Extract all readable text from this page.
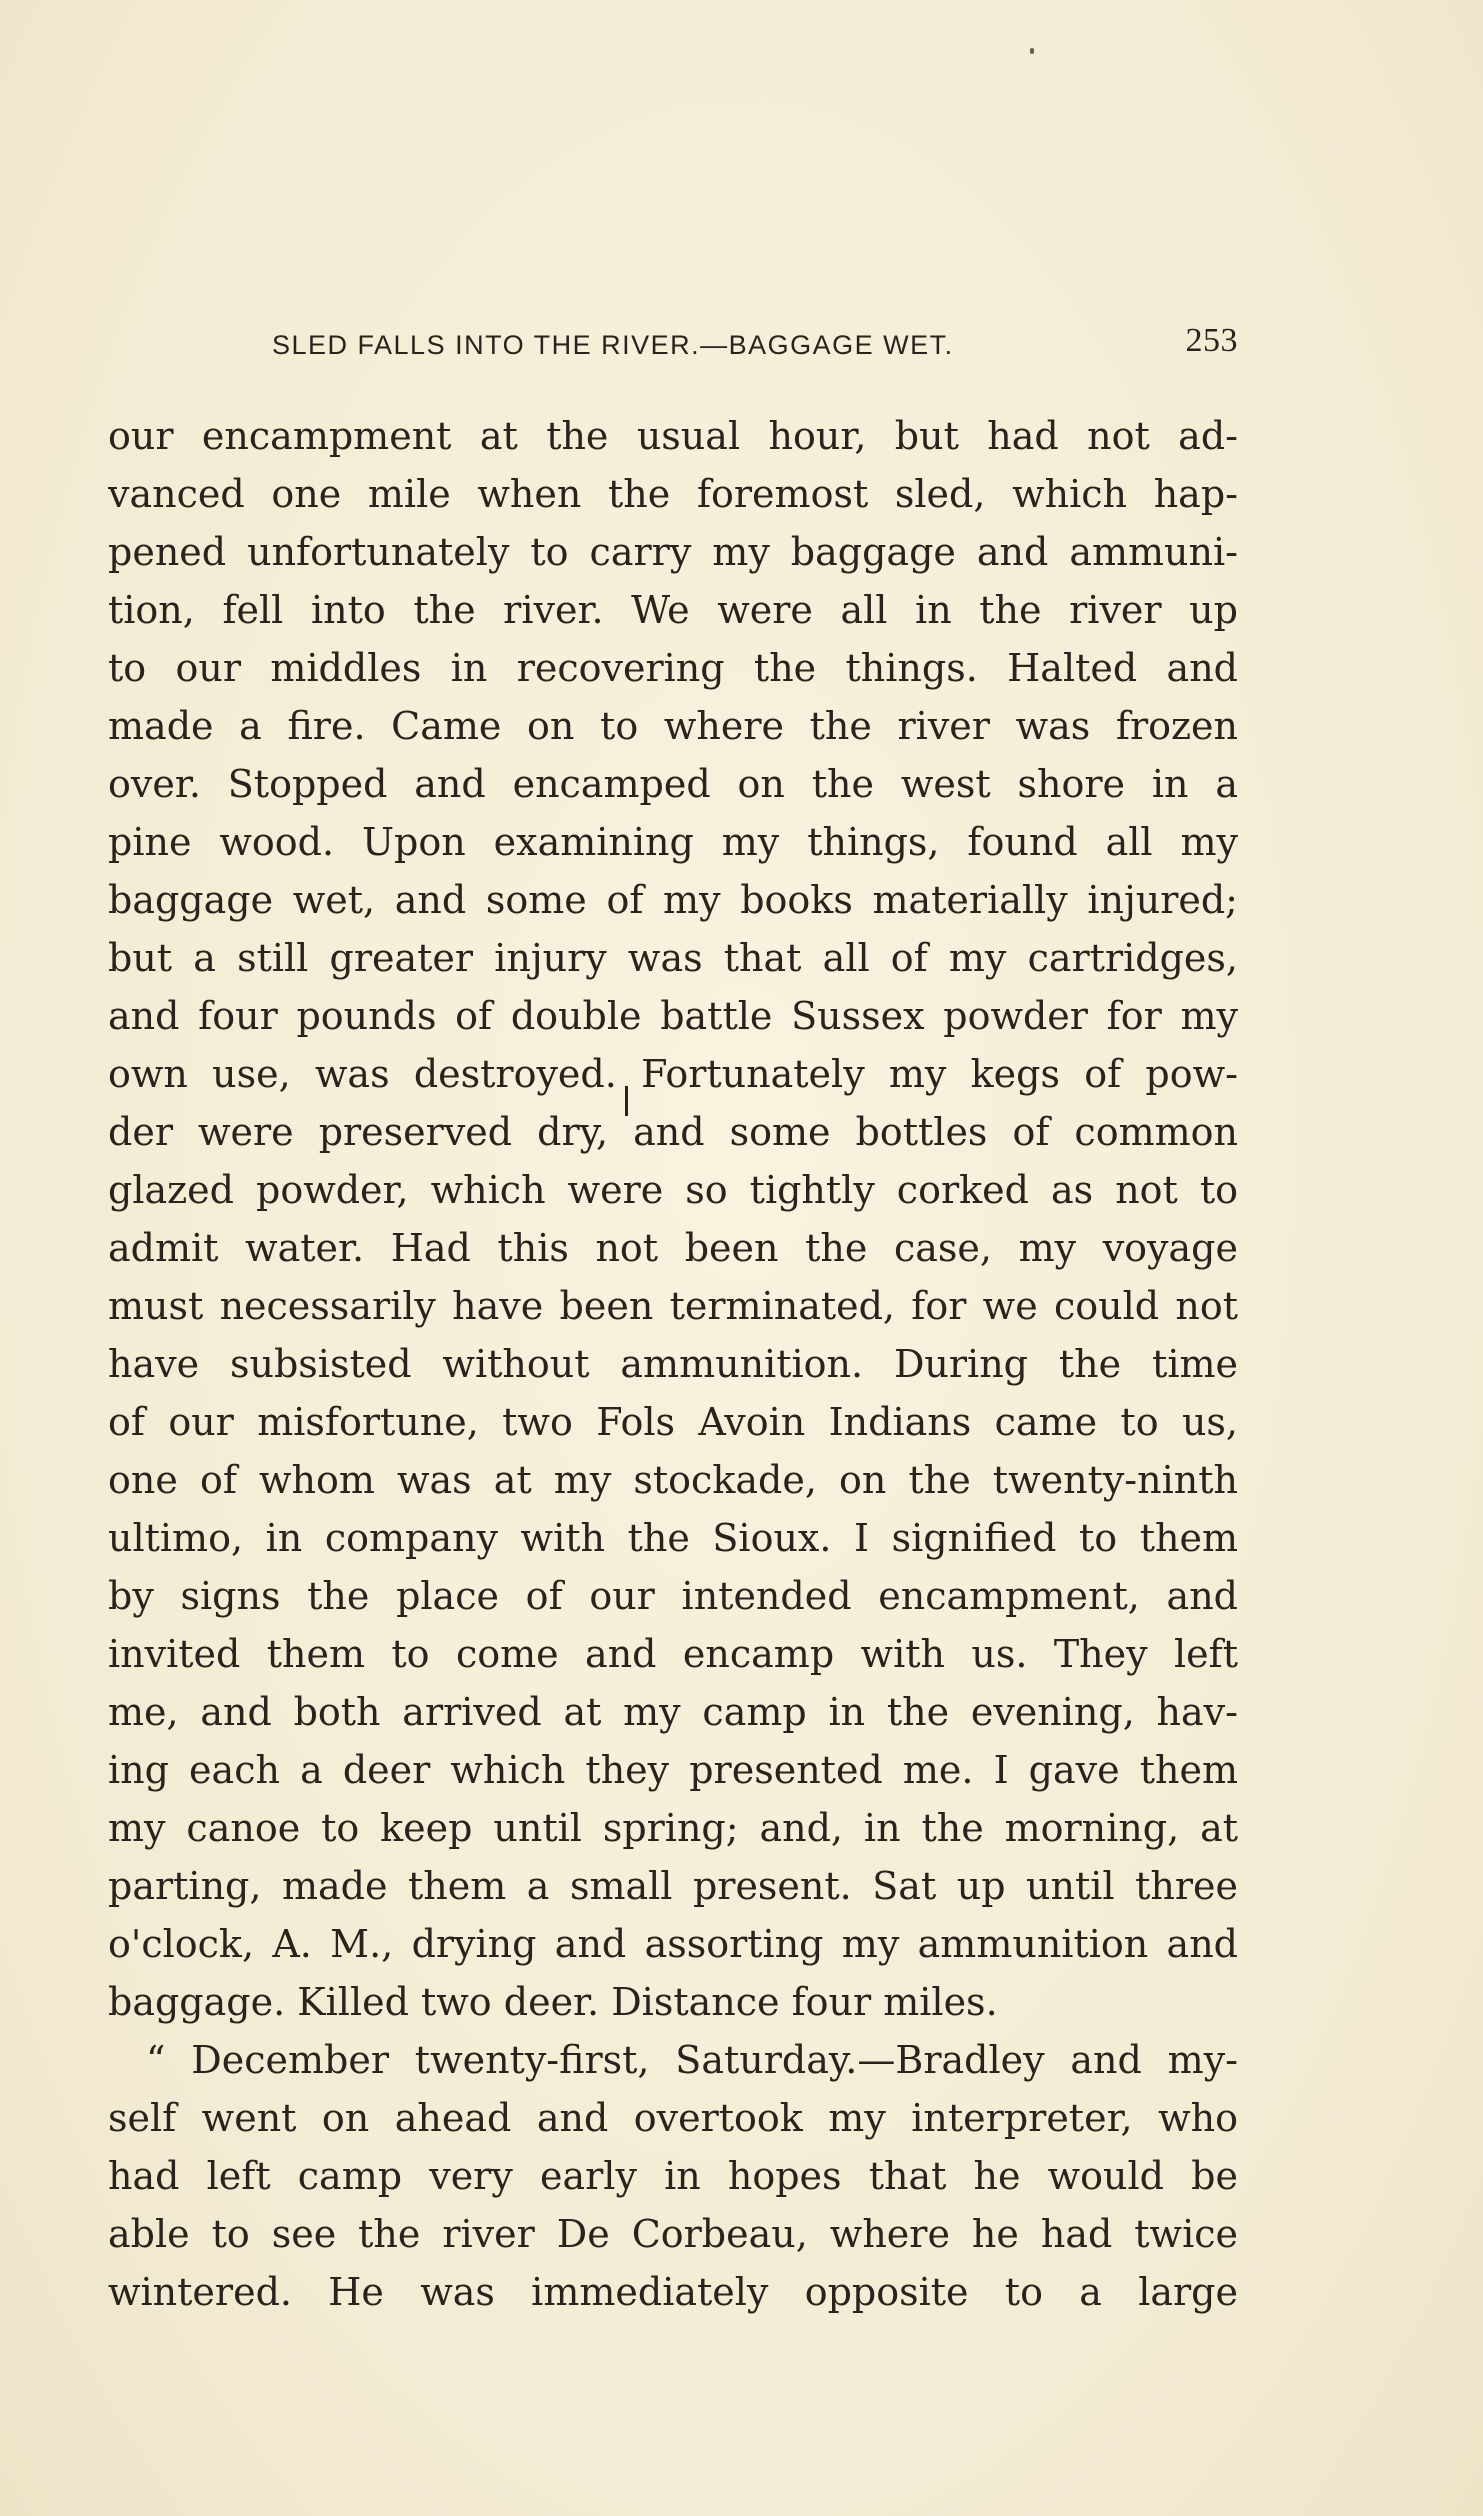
SLED FALLS INTO THE RIVER.—BAGGAGE WET.	253
our encampment at the usual hour, but had not ad-
vanced one mile when the foremost sled, which hap-
pened unfortunately to carry my baggage and ammuni-
tion, fell into the river. We were all in the river up
to our middles in recovering the things. Halted and
made a fire. Came on to where the river was frozen
over. Stopped and encamped on the west shore in a
pine wood. Upon examining my things, found all my
baggage wet, and some of my books materially injured;
but a still greater injury was that all of my cartridges,
and four pounds of double battle Sussex powder for my
own use, was destroyed. Fortunately my kegs of pow-
der were preserved dry, and some bottles of common
glazed powder, which were so tightly corked as not to
admit water. Had this not been the case, my voyage
must necessarily have been terminated, for we could not
have subsisted without ammunition. During the time
of our misfortune, two Fols Avoin Indians came to us,
one of whom was at my stockade, on the twenty-ninth
ultimo, in company with the Sioux. I signified to them
by signs the place of our intended encampment, and
invited them to come and encamp with us. They left
me, and both arrived at my camp in the evening, hav-
ing each a deer which they presented me. I gave them
my canoe to keep until spring; and, in the morning, at
parting, made them a small present. Sat up until three
o'clock, A. M., drying and assorting my ammunition and
baggage. Killed two deer. Distance four miles.
“ December twenty-first, Saturday.—Bradley and my-
self went on ahead and overtook my interpreter, who
had left camp very early in hopes that he would be
able to see the river De Corbeau, where he had twice
wintered. He was immediately opposite to a large
